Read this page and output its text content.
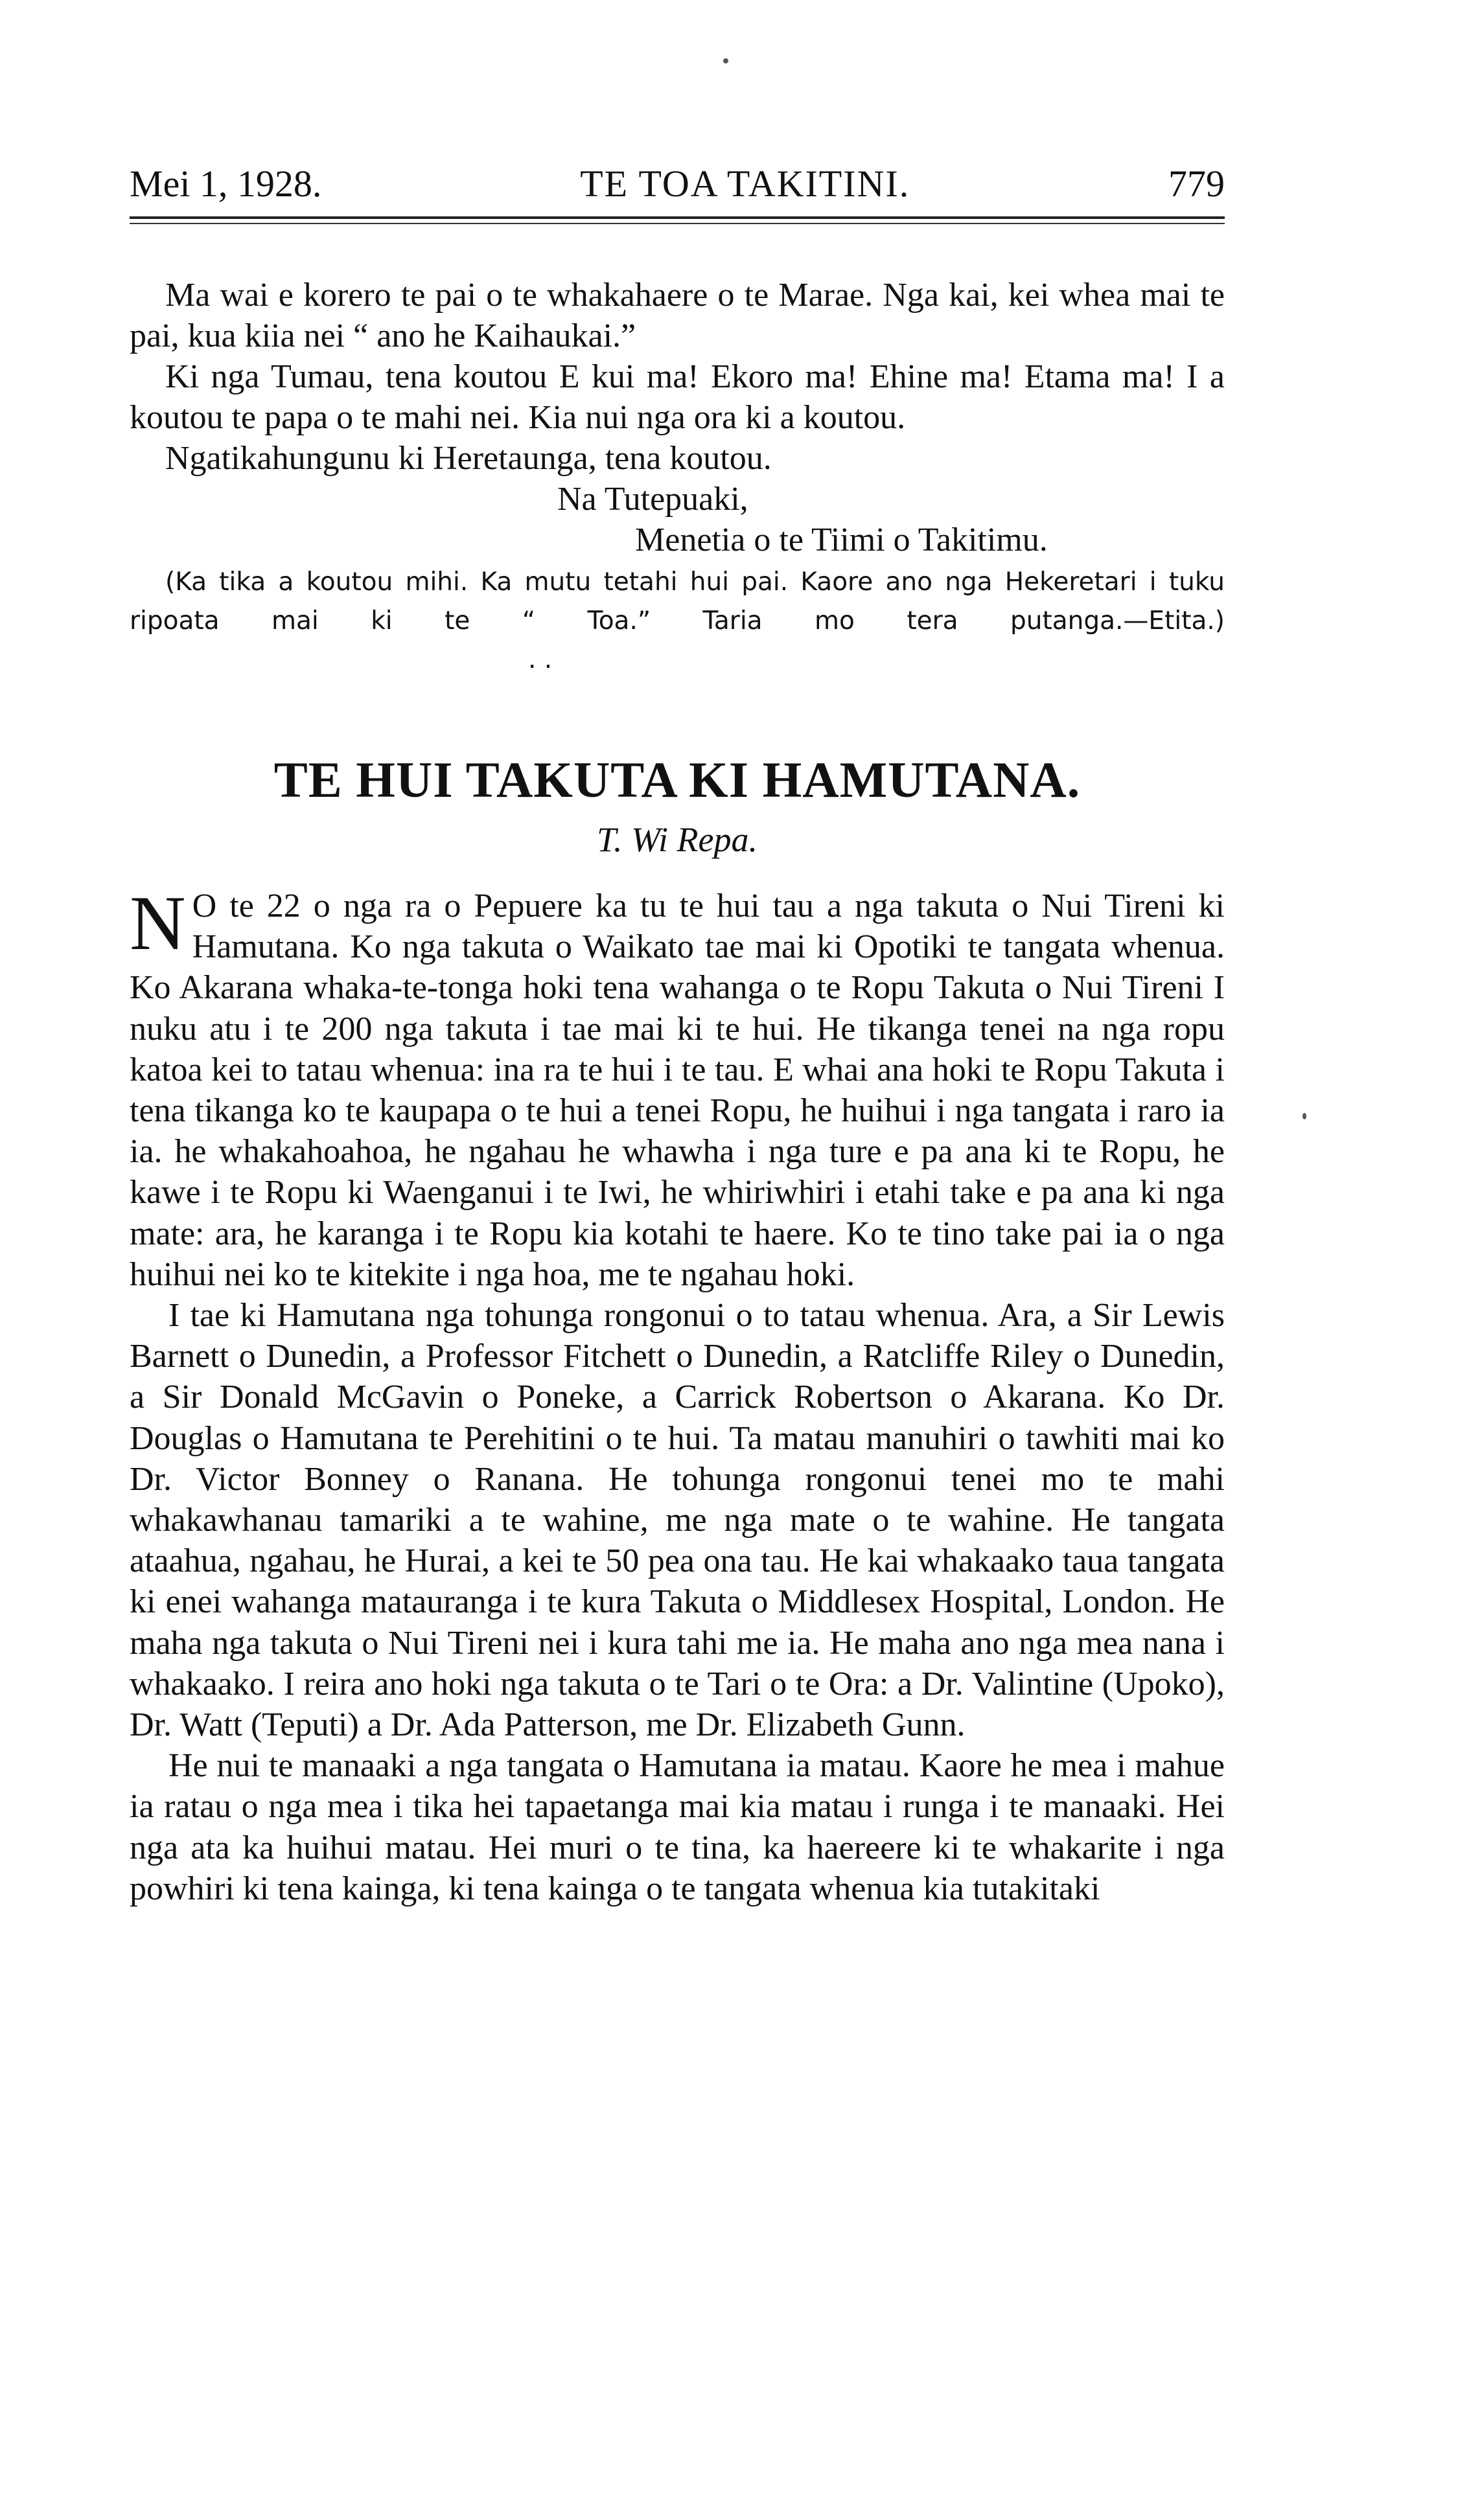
Mei 1, 1928.	TE TOA TAKITINI.	779

Ma wai e korero te pai o te whakahaere o te Marae. Nga kai, kei whea mai te pai, kua kiia nei “ ano he Kaihaukai.”

Ki nga Tumau, tena koutou E kui ma! Ekoro ma! Ehine ma! Etama ma! I a koutou te papa o te mahi nei. Kia nui nga ora ki a koutou.

Ngatikahungunu ki Heretaunga, tena koutou.

Na Tutepuaki,

Menetia o te Tiimi o Takitimu.

(Ka tika a koutou mihi. Ka mutu tetahi hui pai. Kaore ano nga Hekeretari i tuku ripoata mai ki te “ Toa.” Taria mo tera putanga.—Etita.) . .

TE HUI TAKUTA KI HAMUTANA.
T. Wi Repa.

N O te 22 o nga ra o Pepuere ka tu te hui tau a nga takuta o Nui Tireni ki Hamutana. Ko nga takuta o Waikato tae mai ki Opotiki te tangata whenua. Ko Akarana whaka-te-tonga hoki tena wahanga o te Ropu Takuta o Nui Tireni I nuku atu i te 200 nga takuta i tae mai ki te hui. He tikanga tenei na nga ropu katoa kei to tatau whenua: ina ra te hui i te tau. E whai ana hoki te Ropu Takuta i tena tikanga ko te kaupapa o te hui a tenei Ropu, he huihui i nga tangata i raro ia ia. he whakahoahoa, he ngahau he whawha i nga ture e pa ana ki te Ropu, he kawe i te Ropu ki Waenganui i te Iwi, he whiriwhiri i etahi take e pa ana ki nga mate: ara, he karanga i te Ropu kia kotahi te haere. Ko te tino take pai ia o nga huihui nei ko te kitekite i nga hoa, me te ngahau hoki.

I tae ki Hamutana nga tohunga rongonui o to tatau whenua. Ara, a Sir Lewis Barnett o Dunedin, a Professor Fitchett o Dunedin, a Ratcliffe Riley o Dunedin, a Sir Donald McGavin o Poneke, a Carrick Robertson o Akarana. Ko Dr. Douglas o Hamutana te Perehitini o te hui. Ta matau manuhiri o tawhiti mai ko Dr. Victor Bonney o Ranana. He tohunga rongonui tenei mo te mahi whakawhanau tamariki a te wahine, me nga mate o te wahine. He tangata ataahua, ngahau, he Hurai, a kei te 50 pea ona tau. He kai whakaako taua tangata ki enei wahanga matauranga i te kura Takuta o Middlesex Hospital, London. He maha nga takuta o Nui Tireni nei i kura tahi me ia. He maha ano nga mea nana i whakaako. I reira ano hoki nga takuta o te Tari o te Ora: a Dr. Valintine (Upoko), Dr. Watt (Teputi) a Dr. Ada Patterson, me Dr. Elizabeth Gunn.

He nui te manaaki a nga tangata o Hamutana ia matau. Kaore he mea i mahue ia ratau o nga mea i tika hei tapaetanga mai kia matau i runga i te manaaki. Hei nga ata ka huihui matau. Hei muri o te tina, ka haereere ki te whakarite i nga powhiri ki tena kainga, ki tena kainga o te tangata whenua kia tutakitaki
